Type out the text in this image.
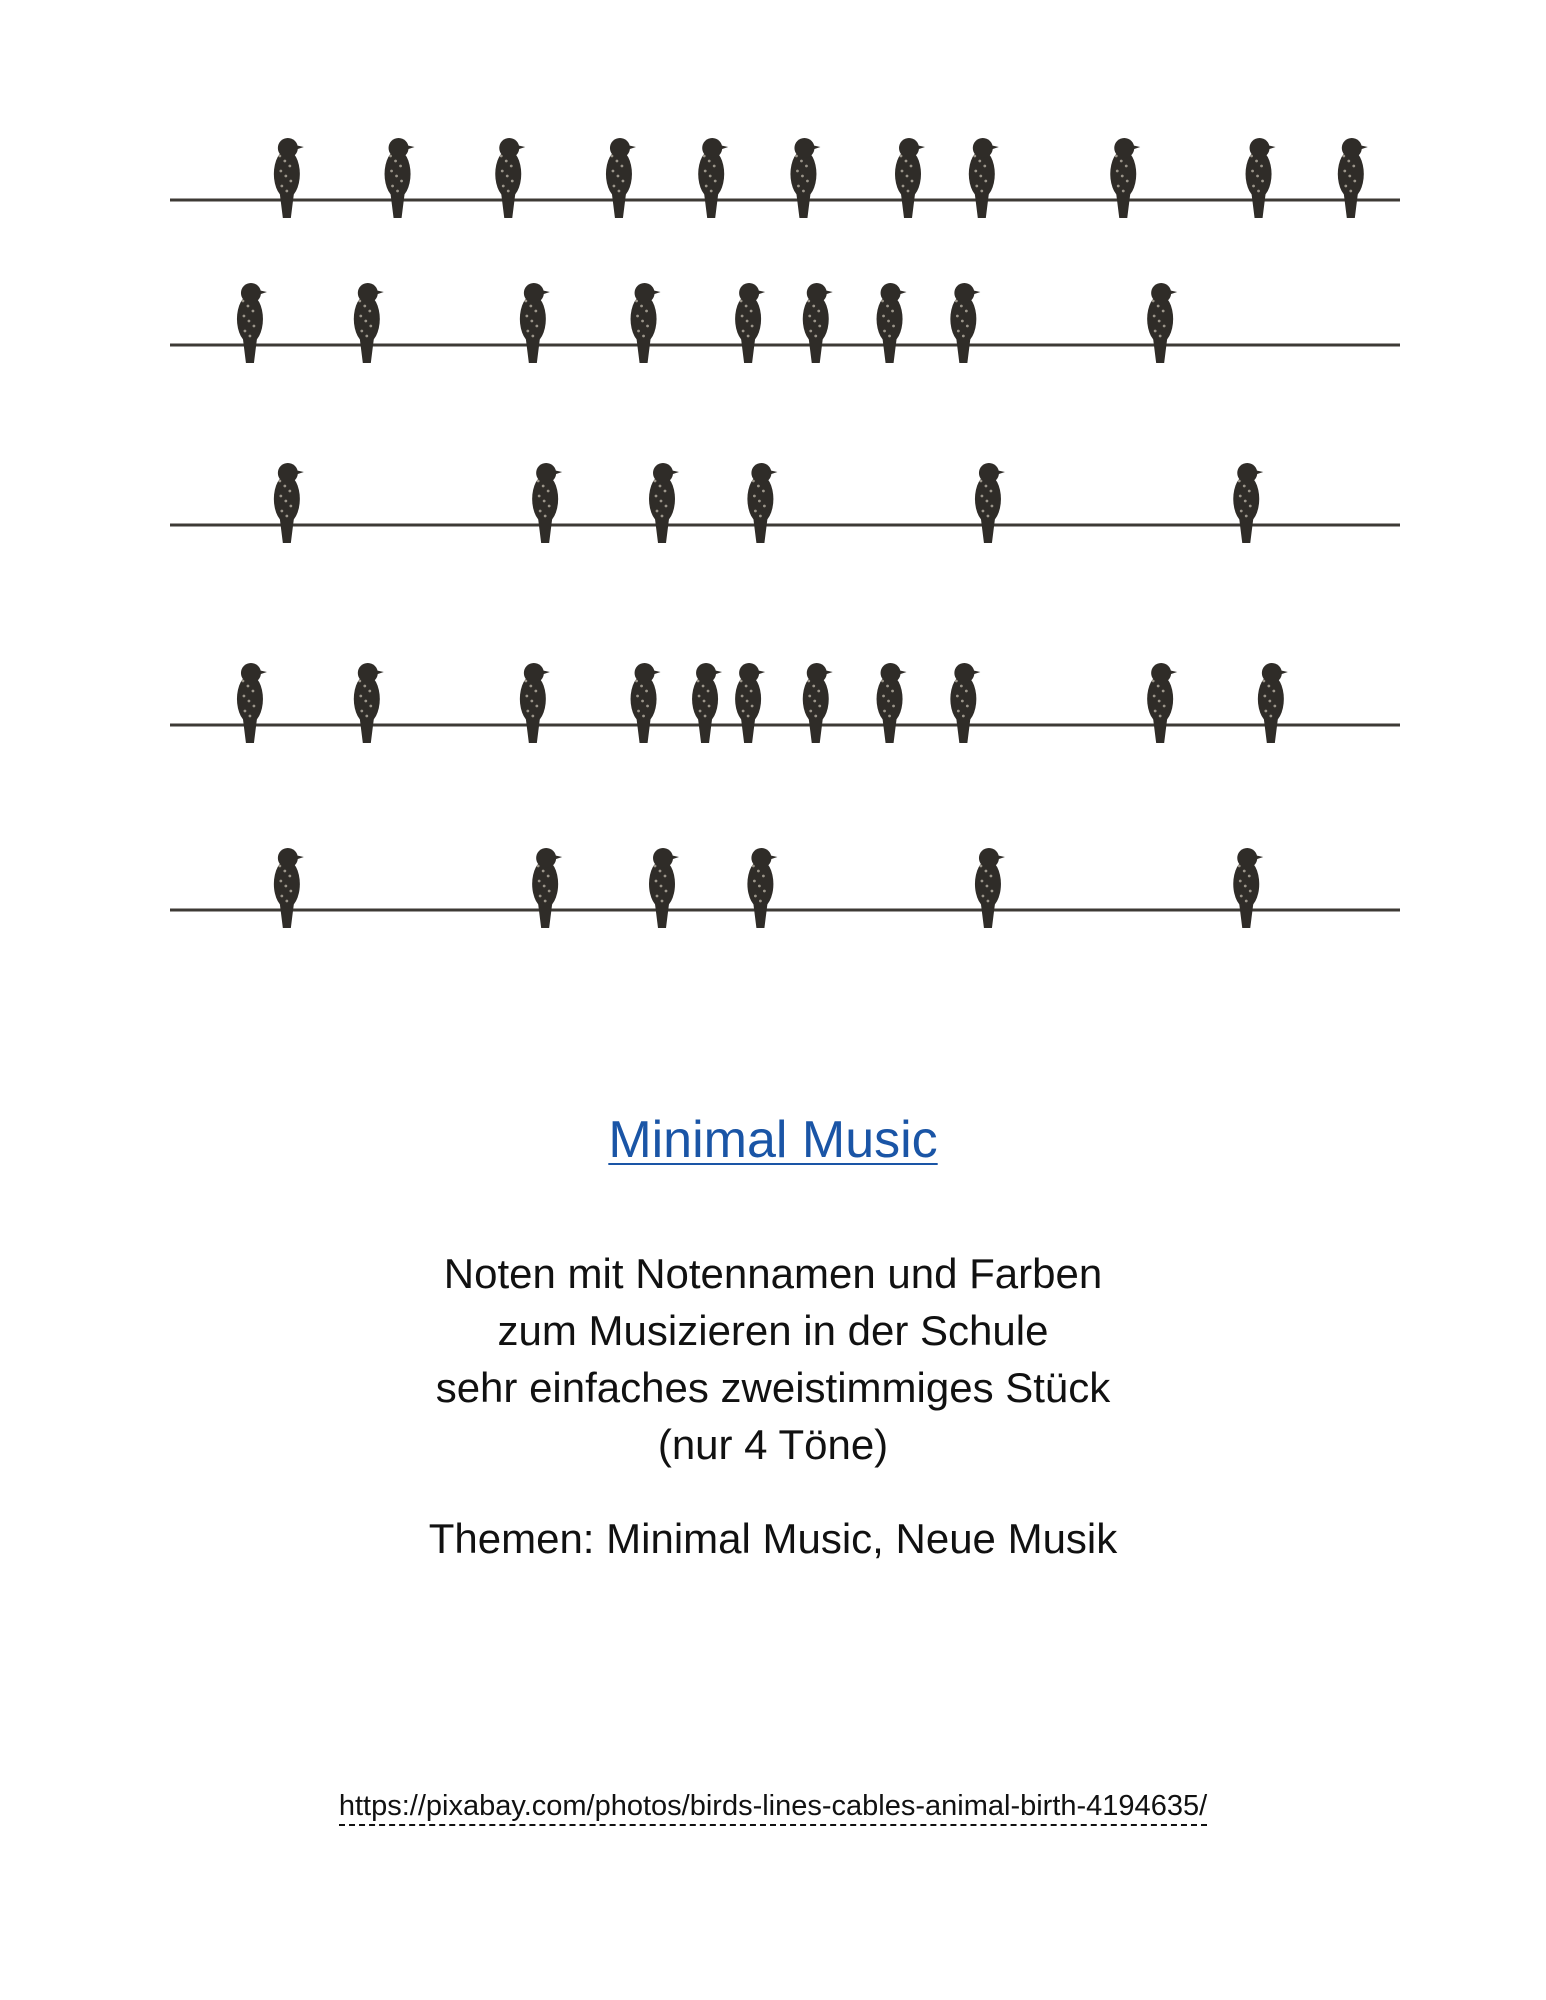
Minimal Music
Noten mit Notennamen und Farben
zum Musizieren in der Schule
sehr einfaches zweistimmiges Stück
(nur 4 Töne)
Themen: Minimal Music, Neue Musik
https://pixabay.com/photos/birds-lines-cables-animal-birth-4194635/
